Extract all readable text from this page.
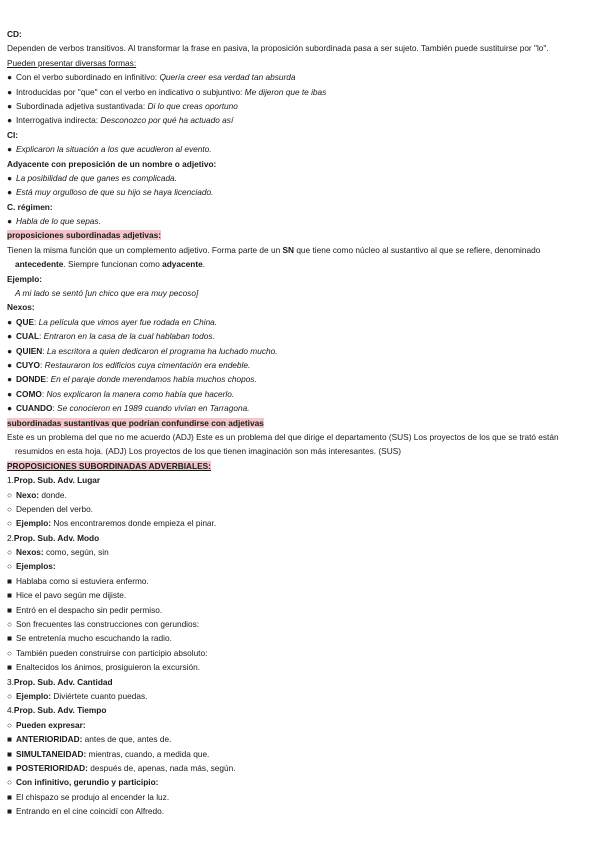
CD:
Dependen de verbos transitivos. Al transformar la frase en pasiva, la proposición subordinada pasa a ser sujeto. También puede sustituirse por "lo".
Pueden presentar diversas formas:
● Con el verbo subordinado en infinitivo: Quería creer esa verdad tan absurda
● Introducidas por "que" con el verbo en indicativo o subjuntivo: Me dijeron que te ibas
● Subordinada adjetiva sustantivada: Di lo que creas oportuno
● Interrogativa indirecta: Desconozco por qué ha actuado así
CI:
● Explicaron la situación a los que acudieron al evento.
Adyacente con preposición de un nombre o adjetivo:
● La posibilidad de que ganes es complicada.
● Está muy orgulloso de que su hijo se haya licenciado.
C. régimen:
● Habla de lo que sepas.
proposiciones subordinadas adjetivas:
Tienen la misma función que un complemento adjetivo. Forma parte de un SN que tiene como núcleo al sustantivo al que se refiere, denominado
antecedente. Siempre funcionan como adyacente.
Ejemplo:
A mi lado se sentó [un chico que era muy pecoso]
Nexos:
● QUE: La película que vimos ayer fue rodada en China.
● CUAL: Entraron en la casa de la cual hablaban todos.
● QUIEN: La escritora a quien dedicaron el programa ha luchado mucho.
● CUYO: Restauraron los edificios cuya cimentación era endeble.
● DONDE: En el paraje donde merendamos había muchos chopos.
● COMO: Nos explicaron la manera como había que hacerlo.
● CUANDO: Se conocieron en 1989 cuando vivían en Tarragona.
subordinadas sustantivas que podrían confundirse con adjetivas
Este es un problema del que no me acuerdo (ADJ) Este es un problema del que dirige el departamento (SUS) Los proyectos de los que se trató están
resumidos en esta hoja. (ADJ) Los proyectos de los que tienen imaginación son más interesantes. (SUS)
PROPOSICIONES SUBORDINADAS ADVERBIALES:
1.Prop. Sub. Adv. Lugar
○ Nexo: donde.
○ Dependen del verbo.
○ Ejemplo: Nos encontraremos donde empieza el pinar.
2.Prop. Sub. Adv. Modo
○ Nexos: como, según, sin
○ Ejemplos:
■ Hablaba como si estuviera enfermo.
■ Hice el pavo según me dijiste.
■ Entró en el despacho sin pedir permiso.
○ Son frecuentes las construcciones con gerundios:
■ Se entretenía mucho escuchando la radio.
○ También pueden construirse con participio absoluto:
■ Enaltecidos los ánimos, prosiguieron la excursión.
3.Prop. Sub. Adv. Cantidad
○ Ejemplo: Diviértete cuanto puedas.
4.Prop. Sub. Adv. Tiempo
○ Pueden expresar:
■ ANTERIORIDAD: antes de que, antes de.
■ SIMULTANEIDAD: mientras, cuando, a medida que.
■ POSTERIORIDAD: después de, apenas, nada más, según.
○ Con infinitivo, gerundio y participio:
■ El chispazo se produjo al encender la luz.
■ Entrando en el cine coincidí con Alfredo.
